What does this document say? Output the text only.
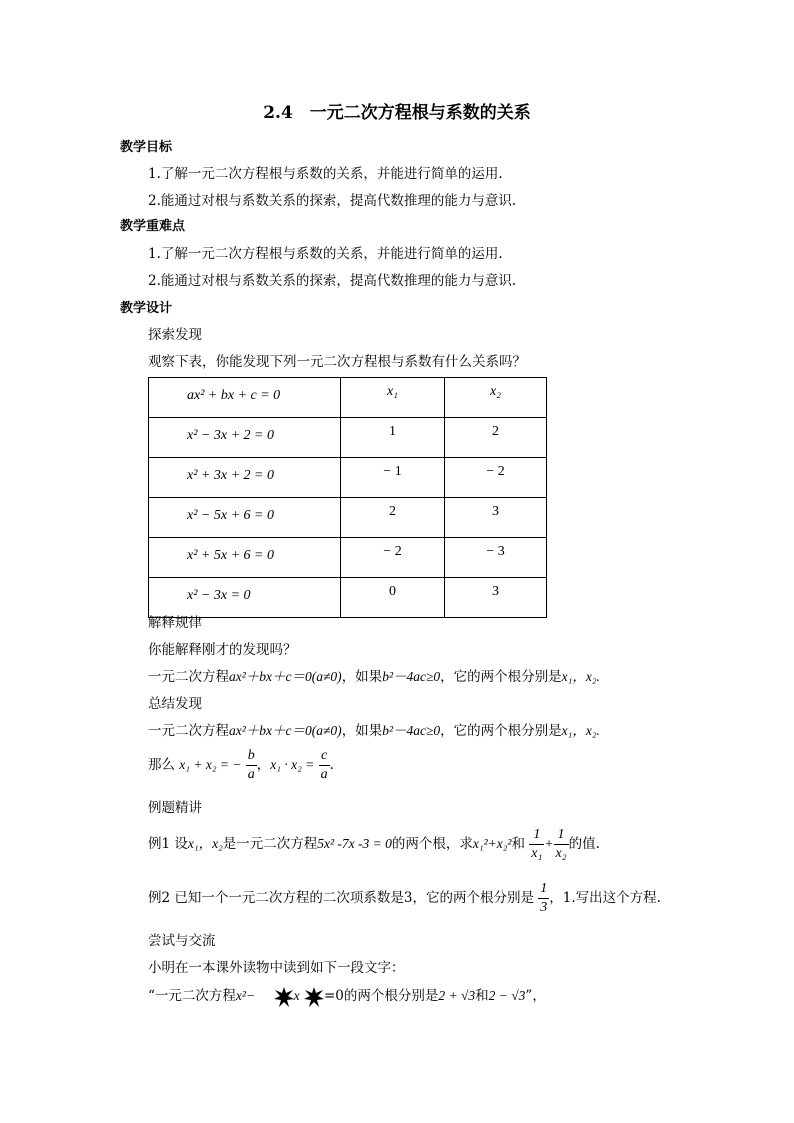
2.4　一元二次方程根与系数的关系
教学目标
1.了解一元二次方程根与系数的关系，并能进行简单的运用.
2.能通过对根与系数关系的探索，提高代数推理的能力与意识.
教学重难点
1.了解一元二次方程根与系数的关系，并能进行简单的运用.
2.能通过对根与系数关系的探索，提高代数推理的能力与意识.
教学设计
探索发现
观察下表，你能发现下列一元二次方程根与系数有什么关系吗？
ax² + bx + c = 0	x₁	x₂
x² − 3x + 2 = 0	1	2
x² + 3x + 2 = 0	− 1	− 2
x² − 5x + 6 = 0	2	3
x² + 5x + 6 = 0	− 2	− 3
x² − 3x = 0	0	3
解释规律
你能解释刚才的发现吗？
一元二次方程ax²＋bx＋c＝0(a≠0)，如果b²－4ac≥0，它的两个根分别是x₁，x₂.
总结发现
一元二次方程ax²＋bx＋c＝0(a≠0)，如果b²－4ac≥0，它的两个根分别是x₁，x₂.
那么 x₁ + x₂ = − $\frac{b}{a}$ ，$x_1 \cdot x_2 = \frac{c}{a}$ .
例题精讲
例1 设x₁，x₂是一元二次方程5x² -7x -3 = 0的两个根，求x₁²+x₂²和 $\frac{1}{\text{x₁}} + \frac{1}{\text{x₂}}$ 的值.
例2 已知一个一元二次方程的二次项系数是3，它的两个根分别是 $\frac{1}{3}$ ，1.写出这个方程.
尝试与交流
小明在一本课外读物中读到如下一段文字：
“一元二次方程x²−	x =0的两个根分别是2 + √3和2 − √3”，
